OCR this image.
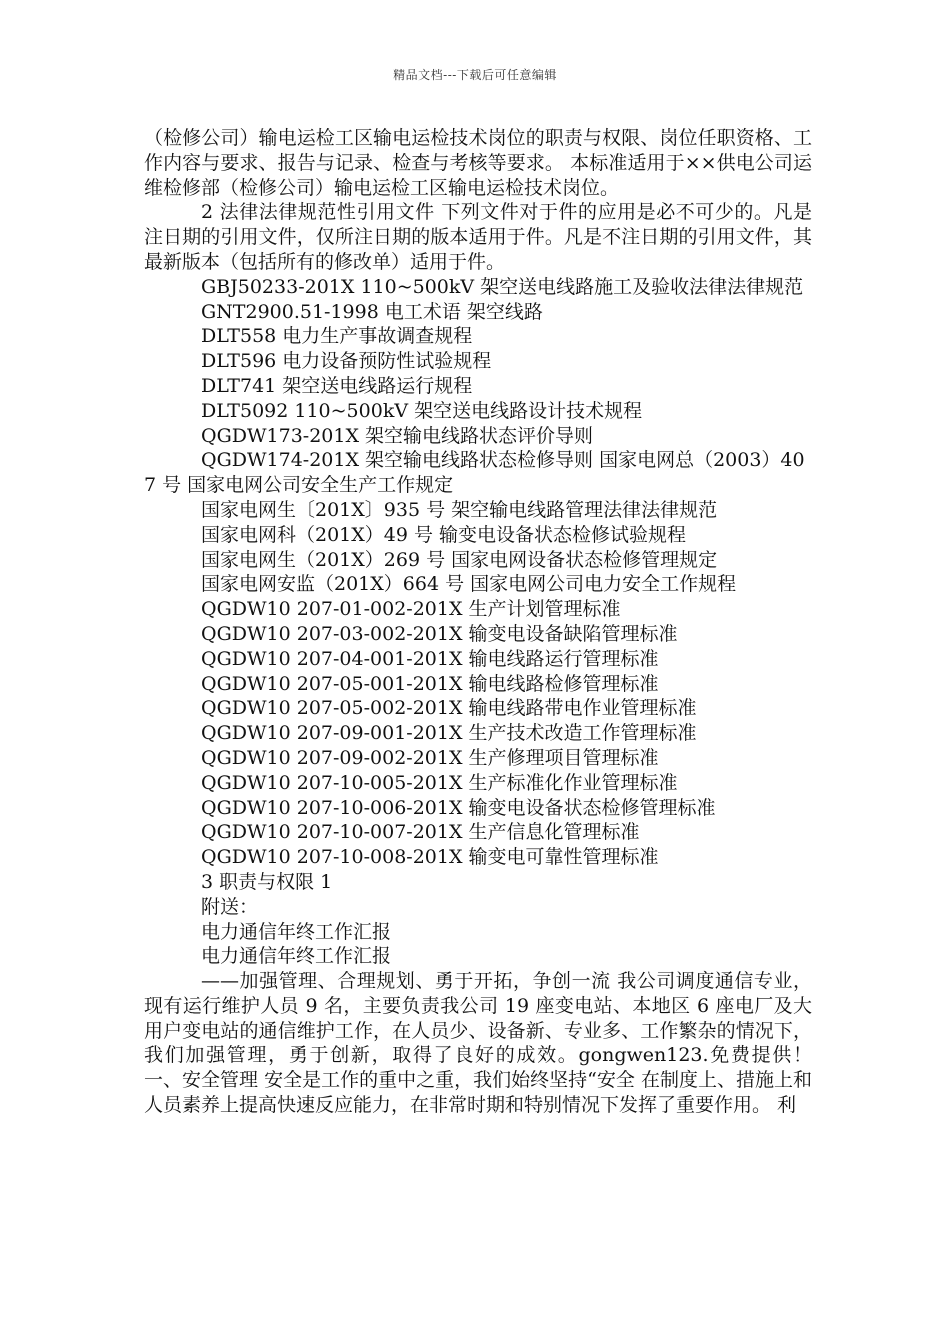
精品文档---下载后可任意编辑

（检修公司）输电运检工区输电运检技术岗位的职责与权限、岗位任职资格、工作内容与要求、报告与记录、检查与考核等要求。 本标准适用于××供电公司运维检修部（检修公司）输电运检工区输电运检技术岗位。

2 法律法律规范性引用文件 下列文件对于件的应用是必不可少的。凡是注日期的引用文件，仅所注日期的版本适用于件。凡是不注日期的引用文件，其最新版本（包括所有的修改单）适用于件。

GBJ50233-201X 110~500kV 架空送电线路施工及验收法律法律规范
GNT2900.51-1998 电工术语 架空线路
DLT558 电力生产事故调查规程
DLT596 电力设备预防性试验规程
DLT741 架空送电线路运行规程
DLT5092 110~500kV 架空送电线路设计技术规程
QGDW173-201X 架空输电线路状态评价导则
QGDW174-201X 架空输电线路状态检修导则 国家电网总（2003）407 号 国家电网公司安全生产工作规定
国家电网生〔201X〕935 号 架空输电线路管理法律法律规范
国家电网科（201X）49 号 输变电设备状态检修试验规程
国家电网生（201X）269 号 国家电网设备状态检修管理规定
国家电网安监（201X）664 号 国家电网公司电力安全工作规程
QGDW10 207-01-002-201X 生产计划管理标准
QGDW10 207-03-002-201X 输变电设备缺陷管理标准
QGDW10 207-04-001-201X 输电线路运行管理标准
QGDW10 207-05-001-201X 输电线路检修管理标准
QGDW10 207-05-002-201X 输电线路带电作业管理标准
QGDW10 207-09-001-201X 生产技术改造工作管理标准
QGDW10 207-09-002-201X 生产修理项目管理标准
QGDW10 207-10-005-201X 生产标准化作业管理标准
QGDW10 207-10-006-201X 输变电设备状态检修管理标准
QGDW10 207-10-007-201X 生产信息化管理标准
QGDW10 207-10-008-201X 输变电可靠性管理标准

3 职责与权限 1

附送：

电力通信年终工作汇报

电力通信年终工作汇报

——加强管理、合理规划、勇于开拓，争创一流 我公司调度通信专业，现有运行维护人员 9 名，主要负责我公司 19 座变电站、本地区 6 座电厂及大用户变电站的通信维护工作，在人员少、设备新、专业多、工作繁杂的情况下，我们加强管理，勇于创新，取得了良好的成效。gongwen123.免费提供！ 一、安全管理 安全是工作的重中之重，我们始终坚持“安全 在制度上、措施上和人员素养上提高快速反应能力，在非常时期和特别情况下发挥了重要作用。 利
